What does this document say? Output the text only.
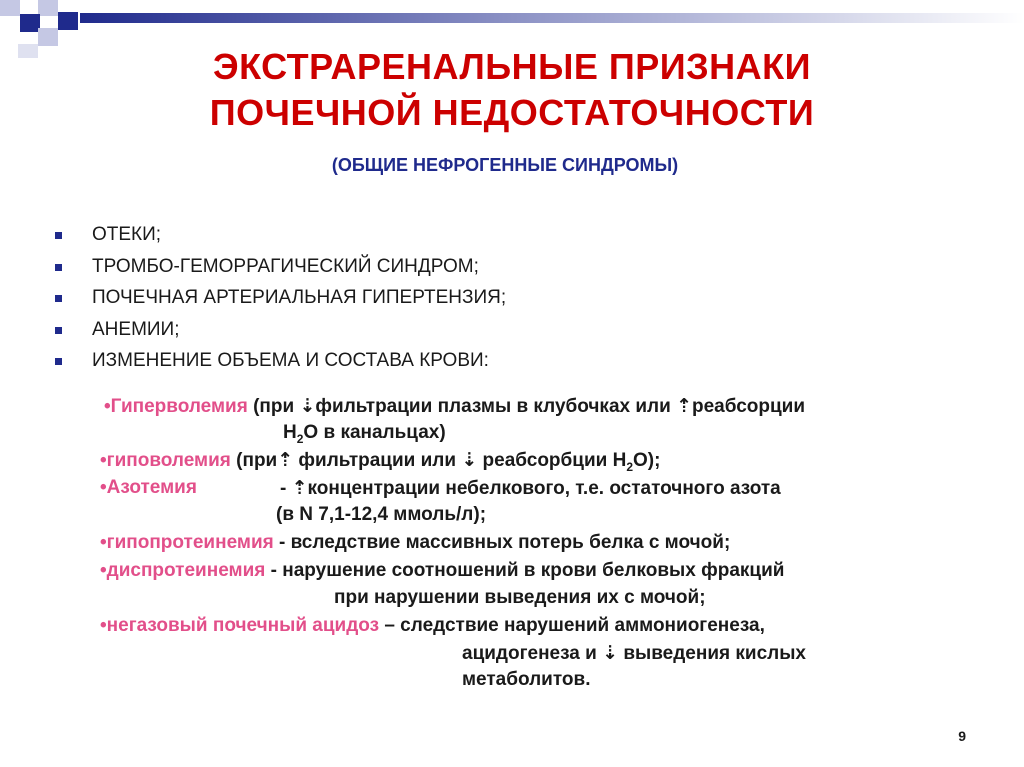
ЭКСТРАРЕНАЛЬНЫЕ ПРИЗНАКИ
ПОЧЕЧНОЙ НЕДОСТАТОЧНОСТИ
(ОБЩИЕ НЕФРОГЕННЫЕ СИНДРОМЫ)
ОТЕКИ;
ТРОМБО-ГЕМОРРАГИЧЕСКИЙ СИНДРОМ;
ПОЧЕЧНАЯ АРТЕРИАЛЬНАЯ ГИПЕРТЕНЗИЯ;
АНЕМИИ;
ИЗМЕНЕНИЕ ОБЪЕМА И СОСТАВА КРОВИ:
•Гиперволемия (при ⇣фильтрации плазмы в клубочках или ⇡реабсорции
$H_2O$ в канальцах)
•гиповолемия (при⇡ фильтрации или ⇣ реабсорбции $H_2O$);
•Азотемия	- ⇡концентрации небелкового, т.е. остаточного азота
(в N 7,1-12,4 ммоль/л);
•гипопротеинемия - вследствие массивных потерь белка с мочой;
•диспротеинемия - нарушение соотношений в крови белковых фракций
при нарушении выведения их с мочой;
•негазовый почечный ацидоз – следствие нарушений аммониогенеза,
ацидогенеза и ⇣ выведения кислых
метаболитов.
9
